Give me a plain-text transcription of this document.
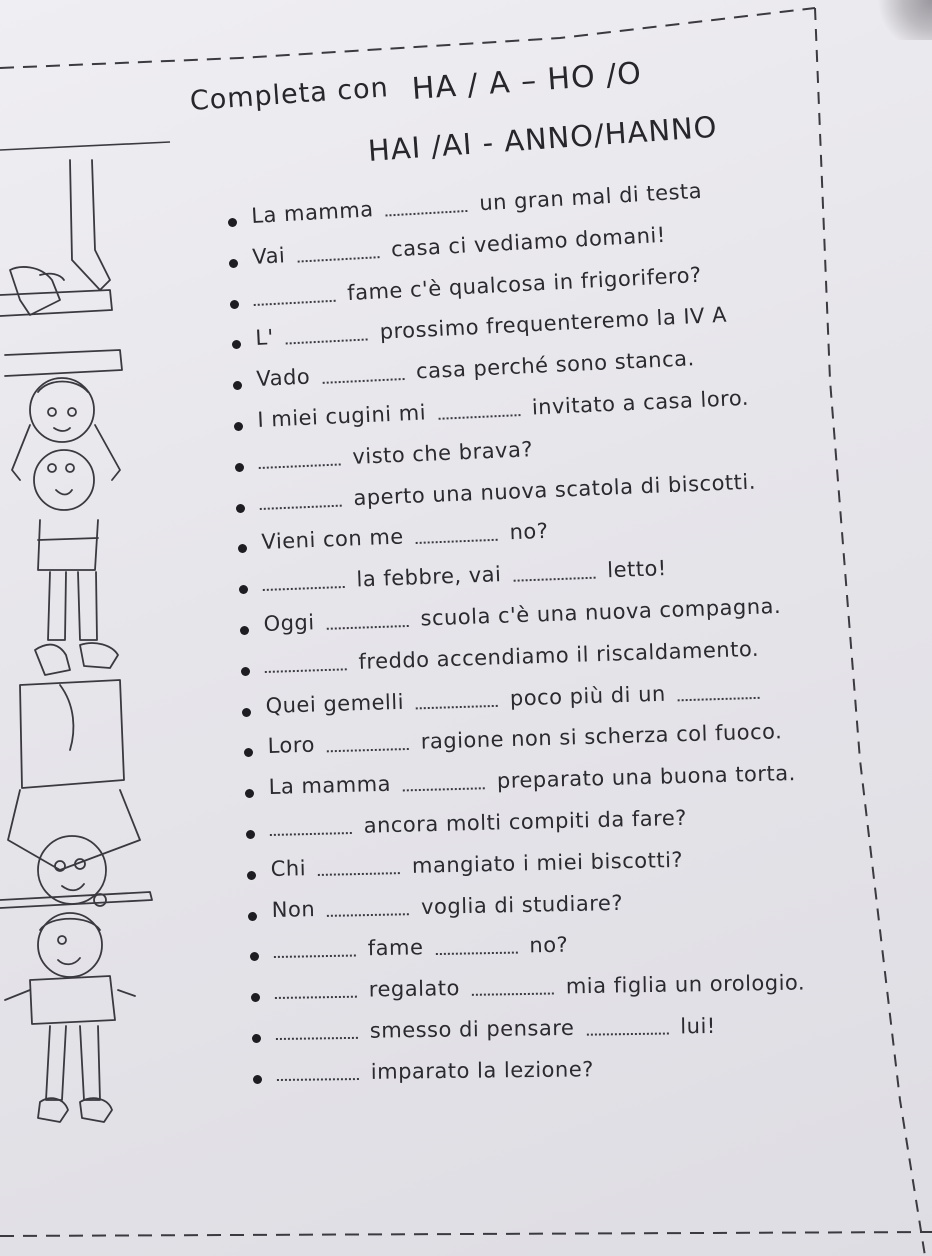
Completa con HA / A – HO /O
HAI /AI - ANNO/HANNO
La mamma	un gran mal di testa
Vai	casa ci vediamo domani!
fame c'è qualcosa in frigorifero?
L'	prossimo frequenteremo la IV A
Vado	casa perché sono stanca.
I miei cugini mi	invitato a casa loro.
visto che brava?
aperto una nuova scatola di biscotti.
Vieni con me	no?
la febbre, vai	letto!
Oggi	scuola c'è una nuova compagna.
freddo accendiamo il riscaldamento.
Quei gemelli	poco più di un
Loro	ragione non si scherza col fuoco.
La mamma	preparato una buona torta.
ancora molti compiti da fare?
Chi	mangiato i miei biscotti?
Non	voglia di studiare?
fame	no?
regalato	mia figlia un orologio.
smesso di pensare	lui!
imparato la lezione?
